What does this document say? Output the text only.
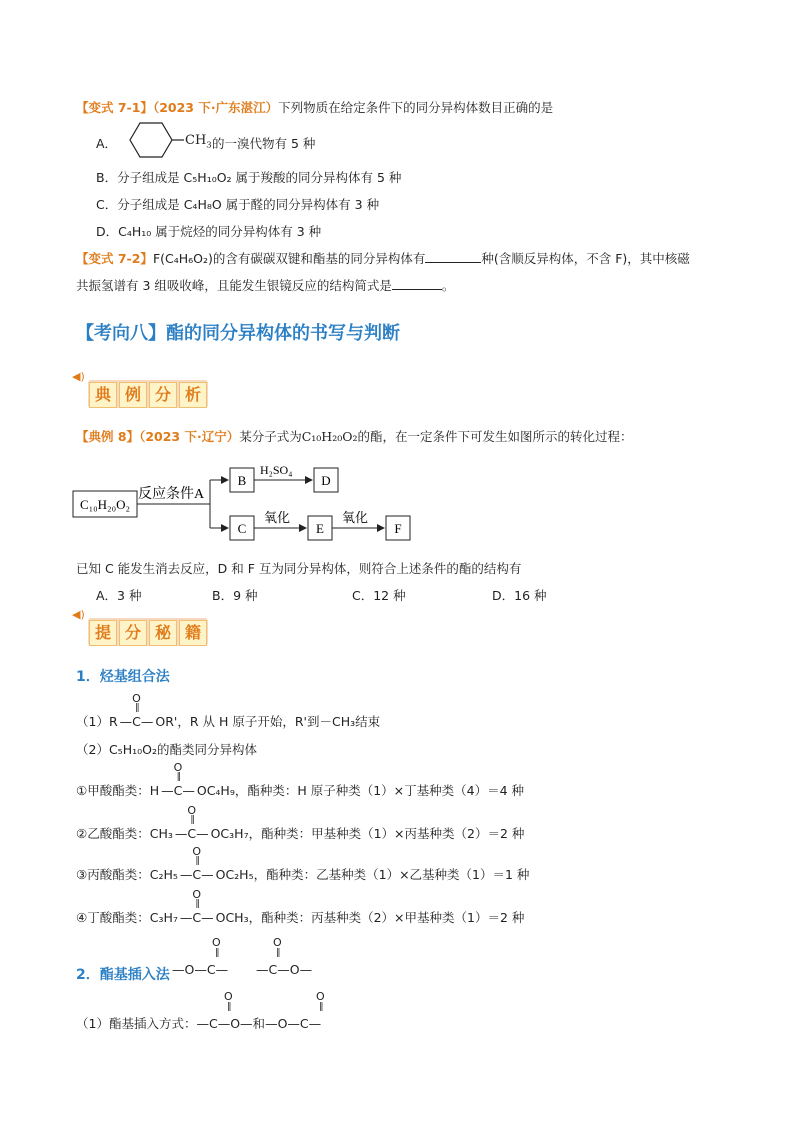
【变式 7-1】（2023 下·广东湛江）下列物质在给定条件下的同分异构体数目正确的是
A．	$CH_3$ 的一溴代物有 5 种
B．分子组成是 C₅H₁₀O₂ 属于羧酸的同分异构体有 5 种
C．分子组成是 C₄H₈O 属于醛的同分异构体有 3 种
D．C₄H₁₀ 属于烷烃的同分异构体有 3 种
【变式 7-2】F(C₄H₆O₂)的含有碳碳双键和酯基的同分异构体有	种(含顺反异构体，不含 F)，其中核磁
共振氢谱有 3 组吸收峰，且能发生银镜反应的结构简式是	。
【考向八】酯的同分异构体的书写与判断
◀)
典 例 分 析
【典例 8】（2023 下·辽宁）某分子式为C₁₀H₂₀O₂的酯，在一定条件下可发生如图所示的转化过程：
C₁₀H₂₀O₂
反应条件A
B
H₂SO₄
D
C
氧化
E
氧化
F
已知 C 能发生消去反应，D 和 F 互为同分异构体，则符合上述条件的酯的结构有
A．3 种	B．9 种	C．12 种	D．16 种
◀)
提 分 秘 籍
1．烃基组合法
（1）R —
O
‖
C— OR'，R 从 H 原子开始，R'到－CH₃结束
（2）C₅H₁₀O₂的酯类同分异构体
①甲酸酯类：H —
O
‖
C— OC₄H₉，酯种类：H 原子种类（1）×丁基种类（4）＝4 种
②乙酸酯类：CH₃ —
O
‖
C— OC₃H₇，酯种类：甲基种类（1）×丙基种类（2）＝2 种
③丙酸酯类：C₂H₅ —
O
‖
C— OC₂H₅，酯种类：乙基种类（1）×乙基种类（1）＝1 种
④丁酸酯类：C₃H₇ —
O
‖
C— OCH₃，酯种类：丙基种类（2）×甲基种类（1）＝2 种
2．酯基插入法
O
‖
—O—C—
O
‖
—C—O—
O
‖
O
‖
（1）酯基插入方式：—C—O—和—O—C—
